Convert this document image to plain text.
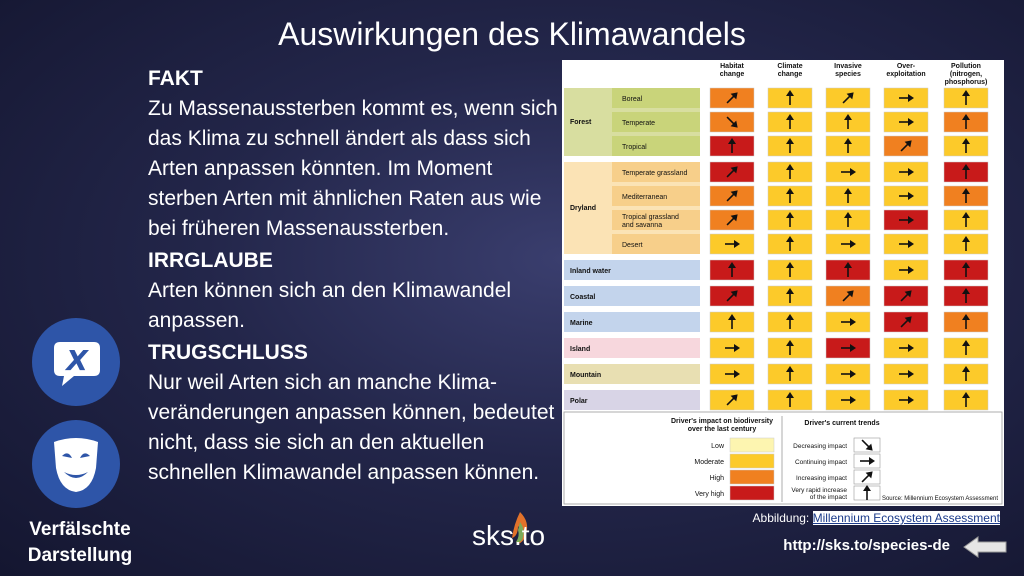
Auswirkungen des Klimawandels
FAKT
Zu Massenaussterben kommt es, wenn sich das Klima zu schnell ändert als dass sich Arten anpassen könnten. Im Moment sterben Arten mit ähnlichen Raten aus wie bei früheren Massenaussterben.
IRRGLAUBE
Arten können sich an den Klimawandel anpassen.
TRUGSCHLUSS
Nur weil Arten sich an manche Klima-veränderungen anpassen können, bedeutet nicht, dass sie sich an den aktuellen schnellen Klimawandel anpassen können.
X
Verfälschte Darstellung
sks.to
Habitat
change
Climate
change
Invasive
species
Over-
exploitation
Pollution
(nitrogen,
phosphorus)
Forest
Boreal
Temperate
Tropical
Dryland
Temperate grassland
Mediterranean
Tropical grassland
and savanna
Desert
Inland water
Coastal
Marine
Island
Mountain
Polar
Driver's impact on biodiversity
over the last century
Driver's current trends
Low
Moderate
High
Very high
Decreasing impact
Continuing impact
Increasing impact
Very rapid increase
of the impact	Source: Millennium Ecosystem Assessment
Abbildung: Millennium Ecosystem Assessment
http://sks.to/species-de
